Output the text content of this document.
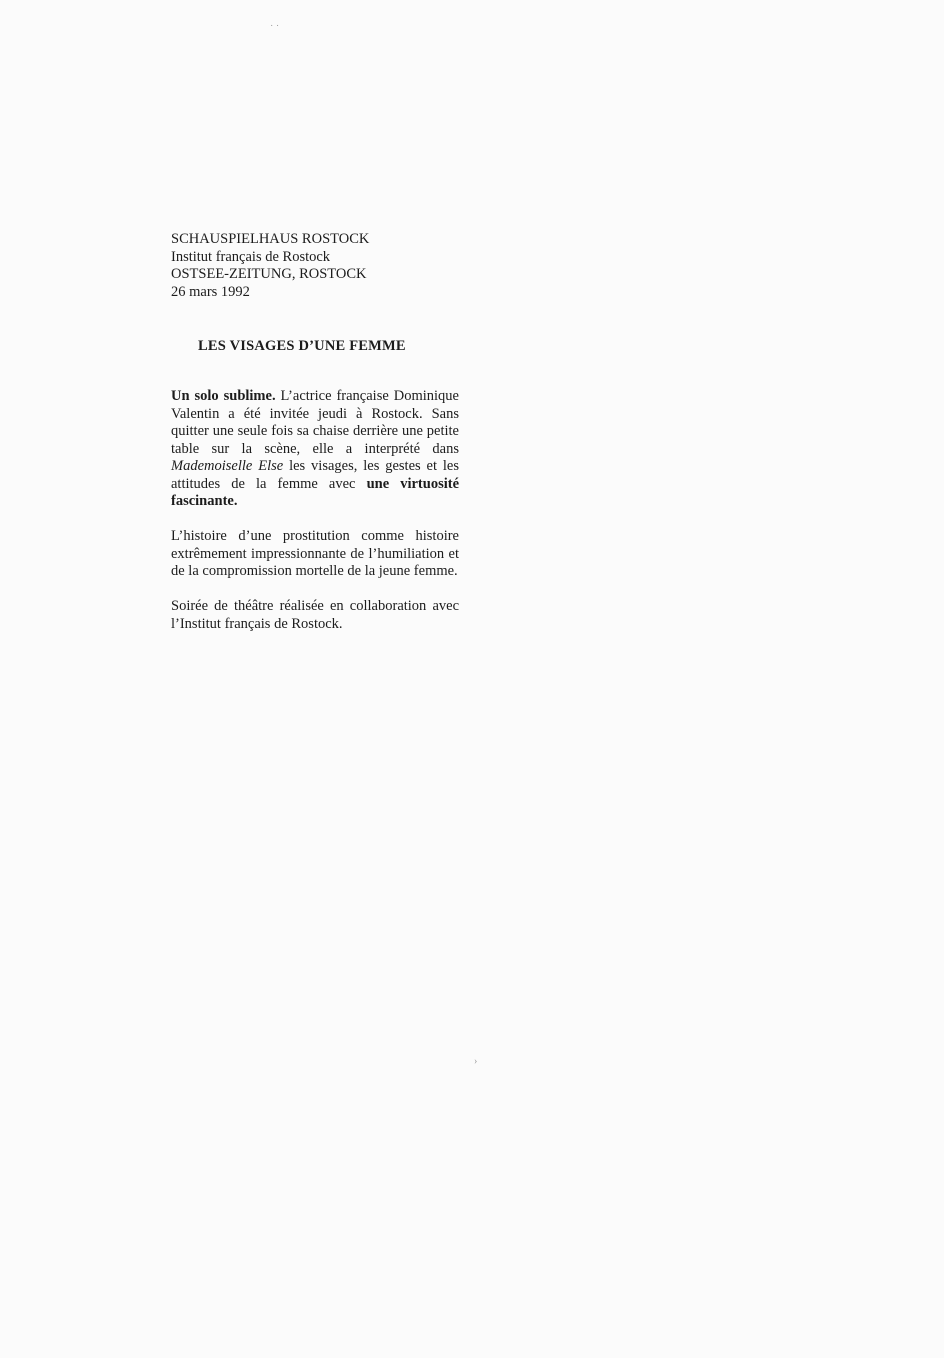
SCHAUSPIELHAUS ROSTOCK
Institut français de Rostock
OSTSEE-ZEITUNG, ROSTOCK
26 mars 1992
LES VISAGES D’UNE FEMME

Un solo sublime. L’actrice française Dominique Valentin a été invitée jeudi à Rostock. Sans quitter une seule fois sa chaise derrière une petite table sur la scène, elle a interprété dans Mademoiselle Else les visages, les gestes et les attitudes de la femme avec une virtuosité fascinante.

L’histoire d’une prostitution comme histoire extrêmement impressionnante de l’humiliation et de la compromission mortelle de la jeune femme.

Soirée de théâtre réalisée en collaboration avec l’Institut français de Rostock.

˙ ˙
›
